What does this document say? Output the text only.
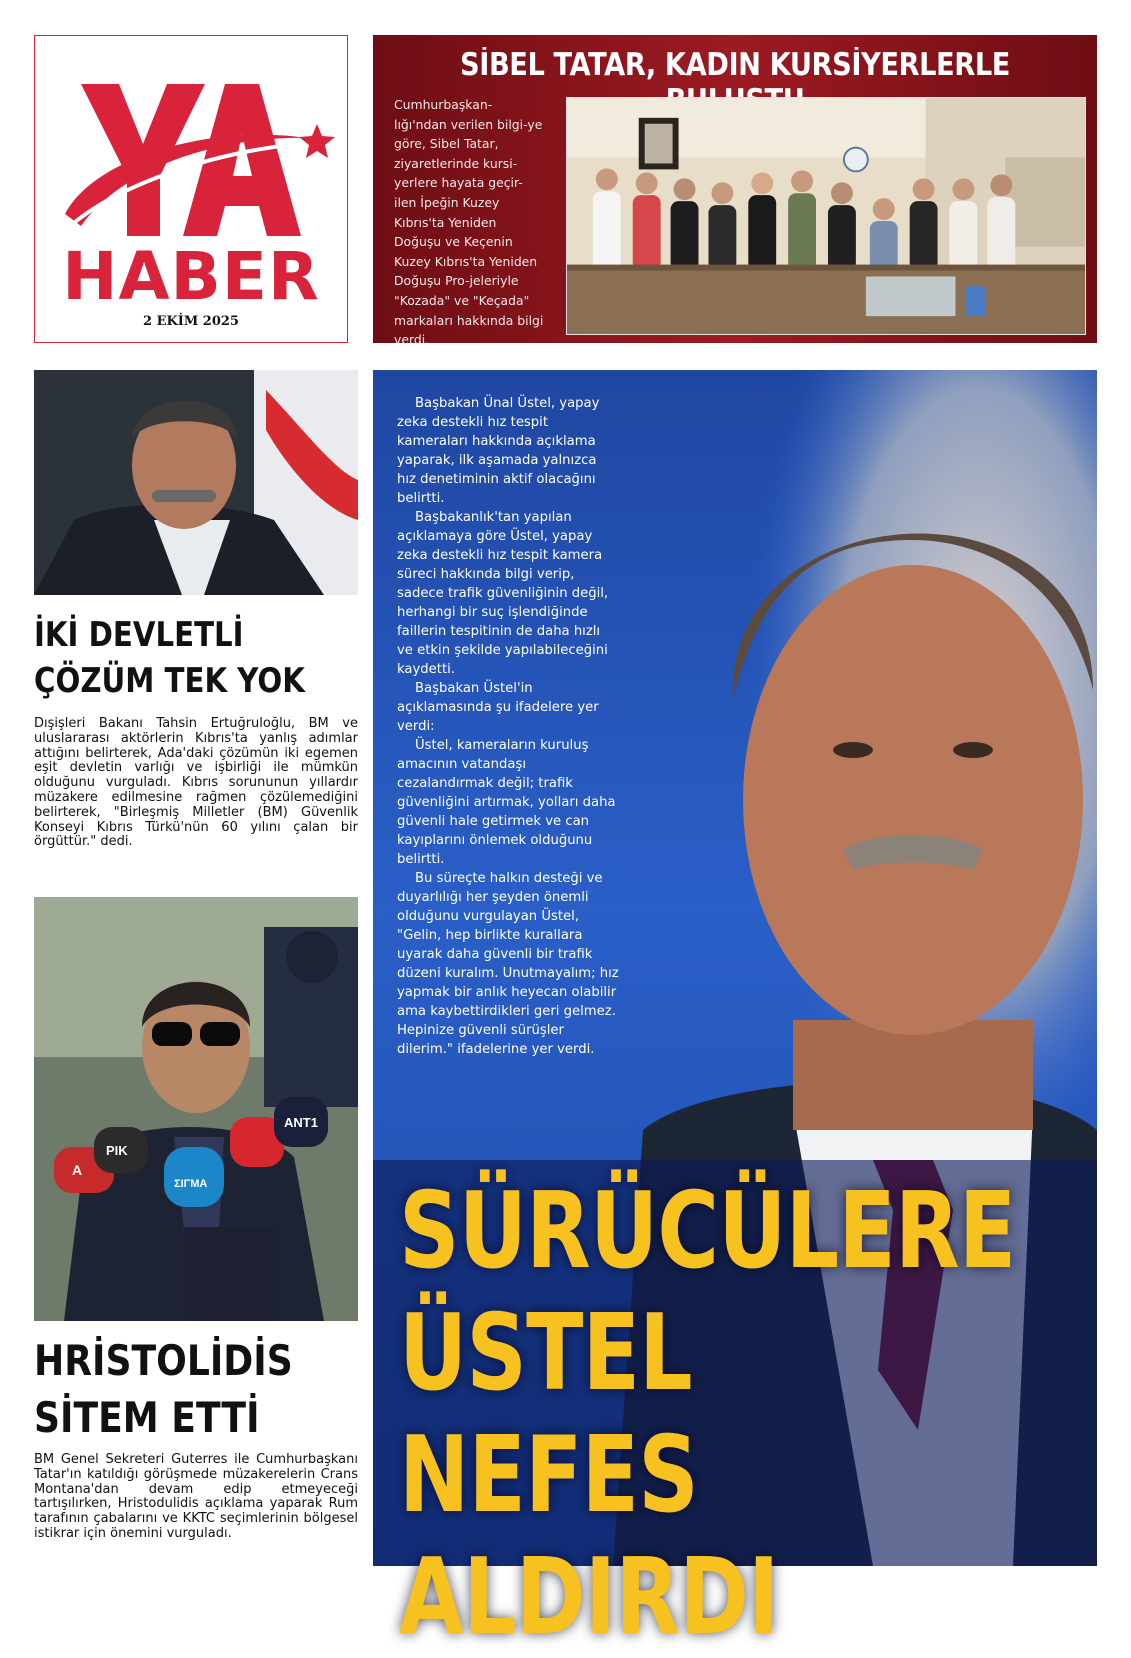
2 EKİM 2025
HABER
SİBEL TATAR, KADIN KURSİYERLERLE
Cumhurbaşkan-lığı'ndan verilen bilgi-ye göre, Sibel Tatar, ziyaretlerinde kursi-yerlere hayata geçir-ilen İpeğin Kuzey Kıbrıs'ta Yeniden Doğuşu ve Keçenin Kuzey Kıbrıs'ta Yeniden Doğuşu Pro-jeleriyle "Kozada" ve "Keçada" markaları hakkında bilgi verdi.
İKİ DEVLETLİ
ÇÖZÜM TEK YOK
Dışişleri Bakanı Tahsin Ertuğruloğlu, BM ve uluslararası aktörlerin Kıbrıs'ta yanlış adımlar attığını belirterek, Ada'daki çözümün iki egemen eşit devletin varlığı ve işbirliği ile mümkün olduğunu vurguladı. Kıbrıs sorununun yıllardır müzakere edilmesine rağmen çözülemediğini belirterek, "Birleşmiş Milletler (BM) Güvenlik Konseyi Kıbrıs Türkü'nün 60 yılını çalan bir örgüttür." dedi.
Α
ΡΙΚ
ΣΙΓΜΑ
ΑΝΤ1
HRİSTOLİDİS
SİTEM ETTİ
BM Genel Sekreteri Guterres ile Cumhurbaşkanı Tatar'ın katıldığı görüşmede müzakerelerin Crans Montana'dan devam edip etmeyeceği tartışılırken, Hristodulidis açıklama yaparak Rum tarafının çabalarını ve KKTC seçimlerinin bölgesel istikrar için önemini vurguladı.

Başbakan Ünal Üstel, yapay zeka destekli hız tespit kameraları hakkında açıklama yaparak, ilk aşamada yalnızca hız denetiminin aktif olacağını belirtti.

Başbakanlık'tan yapılan açıklamaya göre Üstel, yapay zeka destekli hız tespit kamera süreci hakkında bilgi verip, sadece trafik güvenliğinin değil, herhangi bir suç işlendiğinde faillerin tespitinin de daha hızlı ve etkin şekilde yapılabileceğini kaydetti.

Başbakan Üstel'in açıklamasında şu ifadelere yer verdi:

Üstel, kameraların kuruluş amacının vatandaşı cezalandırmak değil; trafik güvenliğini artırmak, yolları daha güvenli hale getirmek ve can kayıplarını önlemek olduğunu belirtti.

Bu süreçte halkın desteği ve duyarlılığı her şeyden önemli olduğunu vurgulayan Üstel, "Gelin, hep birlikte kurallara uyarak daha güvenli bir trafik düzeni kuralım. Unutmayalım; hız yapmak bir anlık heyecan olabilir ama kaybettirdikleri geri gelmez. Hepinize güvenli sürüşler dilerim." ifadelerine yer verdi.

SÜRÜCÜLERE
ÜSTEL NEFES
ALDIRDI
